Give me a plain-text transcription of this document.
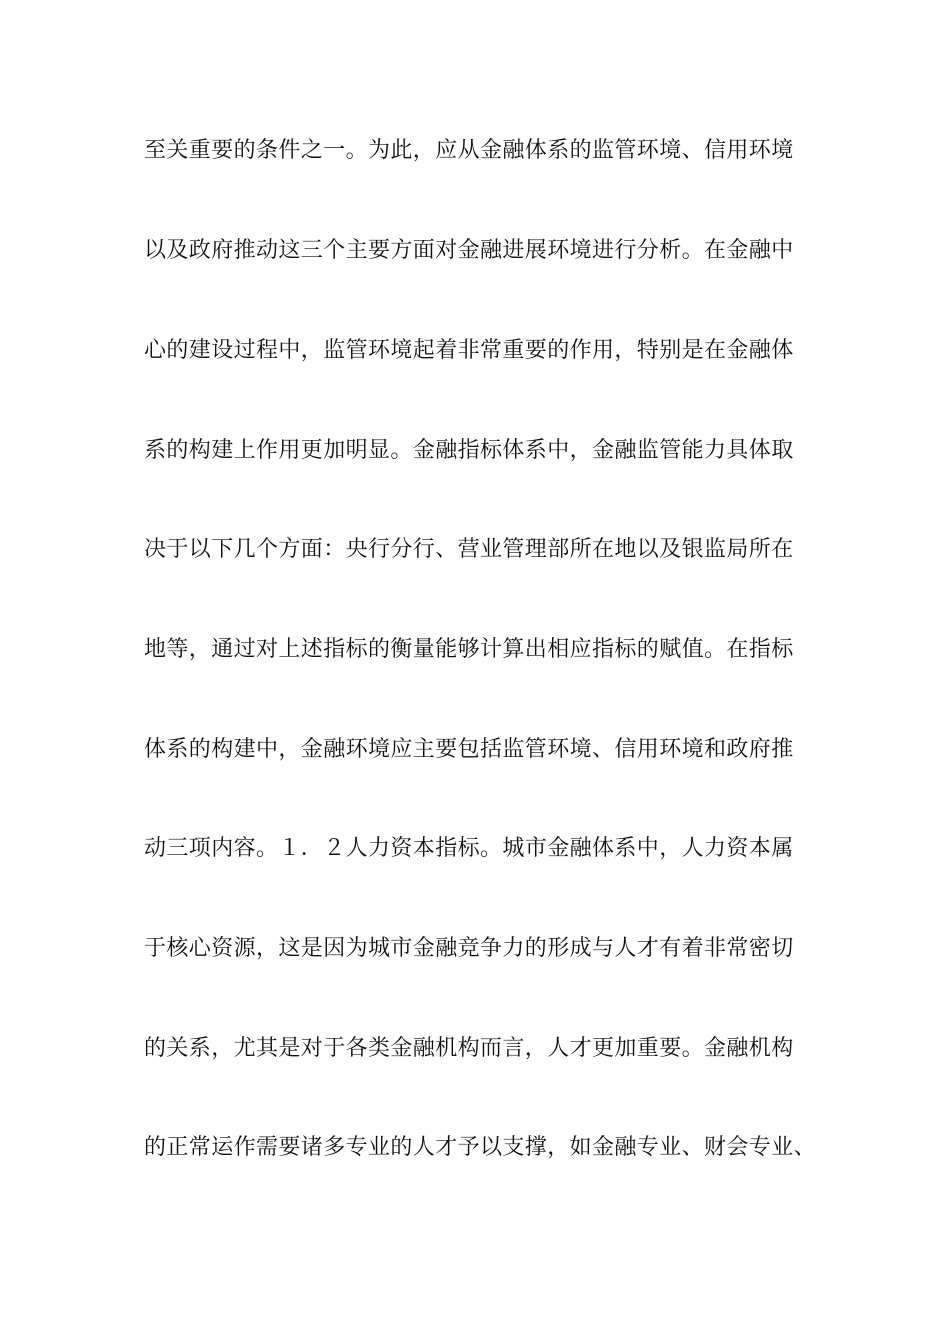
至关重要的条件之一。为此，应从金融体系的监管环境、信用环境
以及政府推动这三个主要方面对金融进展环境进行分析。在金融中
心的建设过程中，监管环境起着非常重要的作用，特别是在金融体
系的构建上作用更加明显。金融指标体系中，金融监管能力具体取
决于以下几个方面：央行分行、营业管理部所在地以及银监局所在
地等，通过对上述指标的衡量能够计算出相应指标的赋值。在指标
体系的构建中，金融环境应主要包括监管环境、信用环境和政府推
动三项内容。１．２人力资本指标。城市金融体系中，人力资本属
于核心资源，这是因为城市金融竞争力的形成与人才有着非常密切
的关系，尤其是对于各类金融机构而言，人才更加重要。金融机构
的正常运作需要诸多专业的人才予以支撑，如金融专业、财会专业、
